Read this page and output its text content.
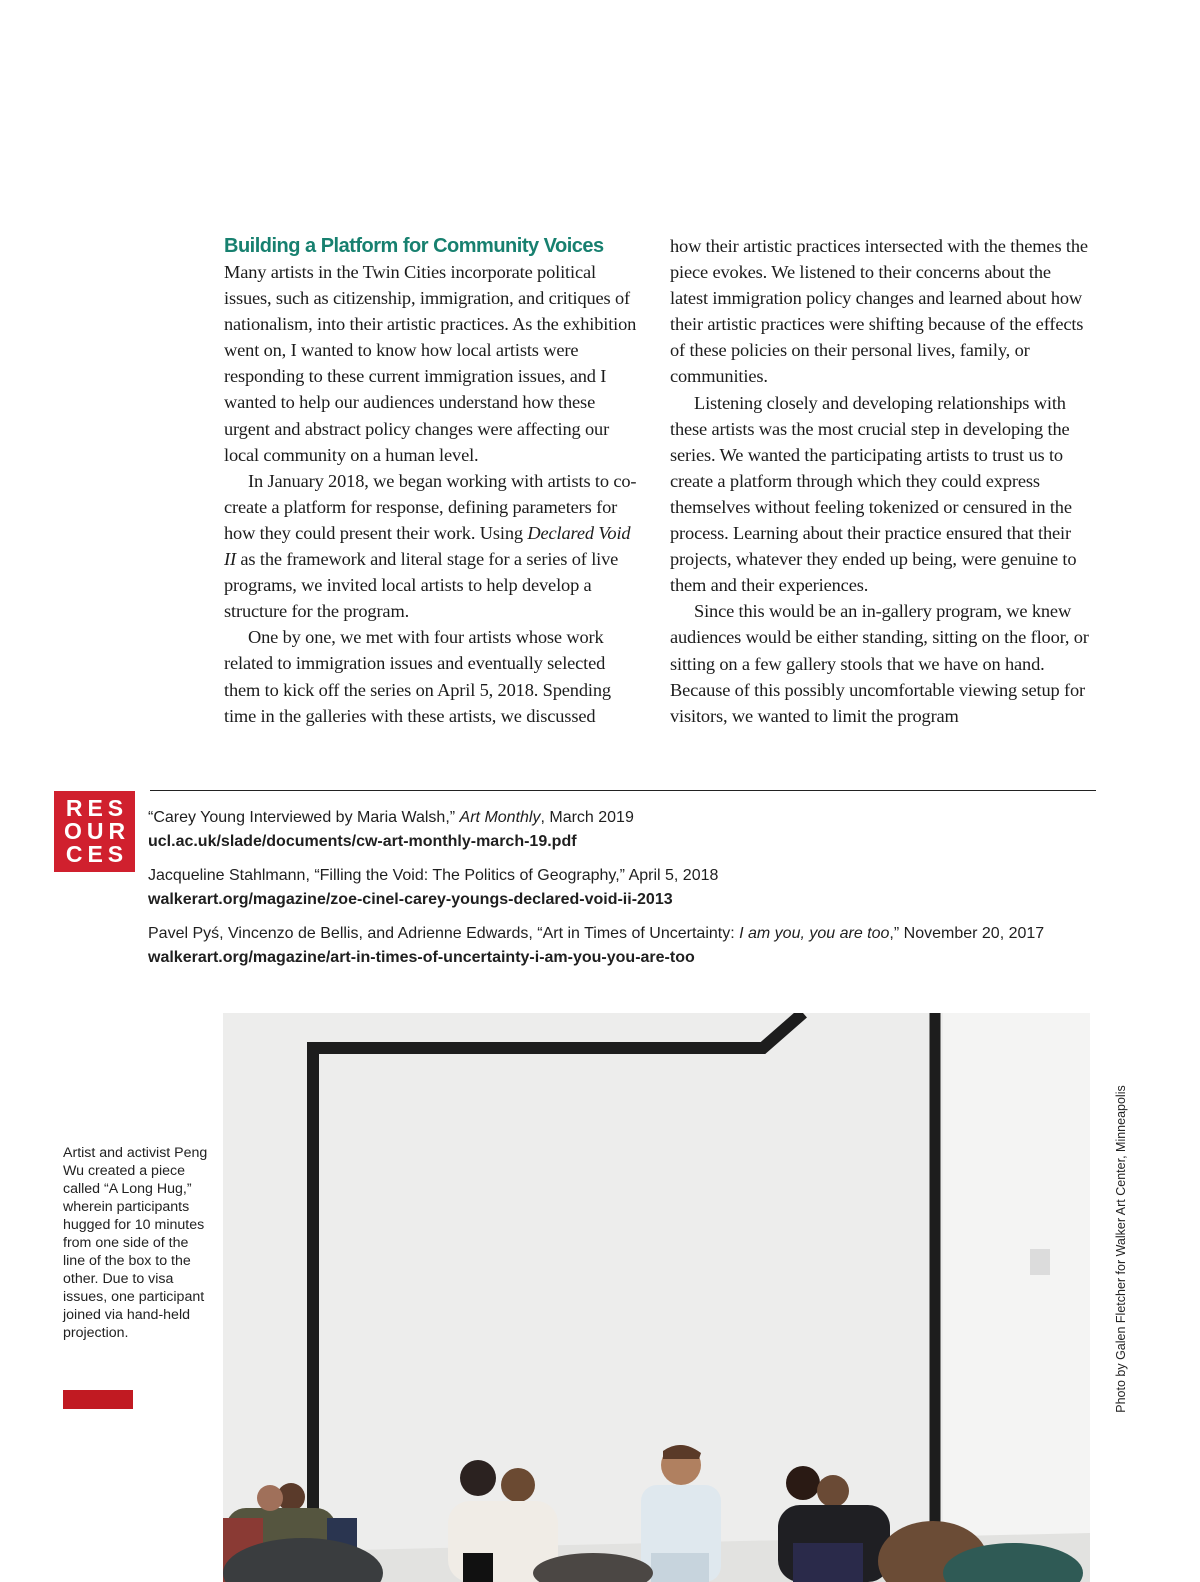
Building a Platform for Community Voices

Many artists in the Twin Cities incorporate political issues, such as citizenship, immigration, and critiques of nationalism, into their artistic practices. As the exhibition went on, I wanted to know how local artists were responding to these current immigration issues, and I wanted to help our audiences understand how these urgent and abstract policy changes were affecting our local community on a human level.

In January 2018, we began working with artists to co-create a platform for response, defining parameters for how they could present their work. Using Declared Void II as the framework and literal stage for a series of live programs, we invited local artists to help develop a structure for the program.

One by one, we met with four artists whose work related to immigration issues and eventually selected them to kick off the series on April 5, 2018. Spending time in the galleries with these artists, we discussed

how their artistic practices intersected with the themes the piece evokes. We listened to their concerns about the latest immigration policy changes and learned about how their artistic practices were shifting because of the effects of these policies on their personal lives, family, or communities.

Listening closely and developing relationships with these artists was the most crucial step in developing the series. We wanted the participating artists to trust us to create a platform through which they could express themselves without feeling tokenized or censured in the process. Learning about their practice ensured that their projects, whatever they ended up being, were genuine to them and their experiences.

Since this would be an in-gallery program, we knew audiences would be either standing, sitting on the floor, or sitting on a few gallery stools that we have on hand. Because of this possibly uncomfortable viewing setup for visitors, we wanted to limit the program

RES
OUR
CES
“Carey Young Interviewed by Maria Walsh,” Art Monthly, March 2019
ucl.ac.uk/slade/documents/cw-art-monthly-march-19.pdf
Jacqueline Stahlmann, “Filling the Void: The Politics of Geography,” April 5, 2018
walkerart.org/magazine/zoe-cinel-carey-youngs-declared-void-ii-2013
Pavel Pyś, Vincenzo de Bellis, and Adrienne Edwards, “Art in Times of Uncertainty: I am you, you are too,” November 20, 2017
walkerart.org/magazine/art-in-times-of-uncertainty-i-am-you-you-are-too
Artist and activist Peng Wu created a piece called “A Long Hug,” wherein participants hugged for 10 minutes from one side of the line of the box to the other. Due to visa issues, one participant joined via hand-held projection.	Photo by Galen Fletcher for Walker Art Center, Minneapolis
